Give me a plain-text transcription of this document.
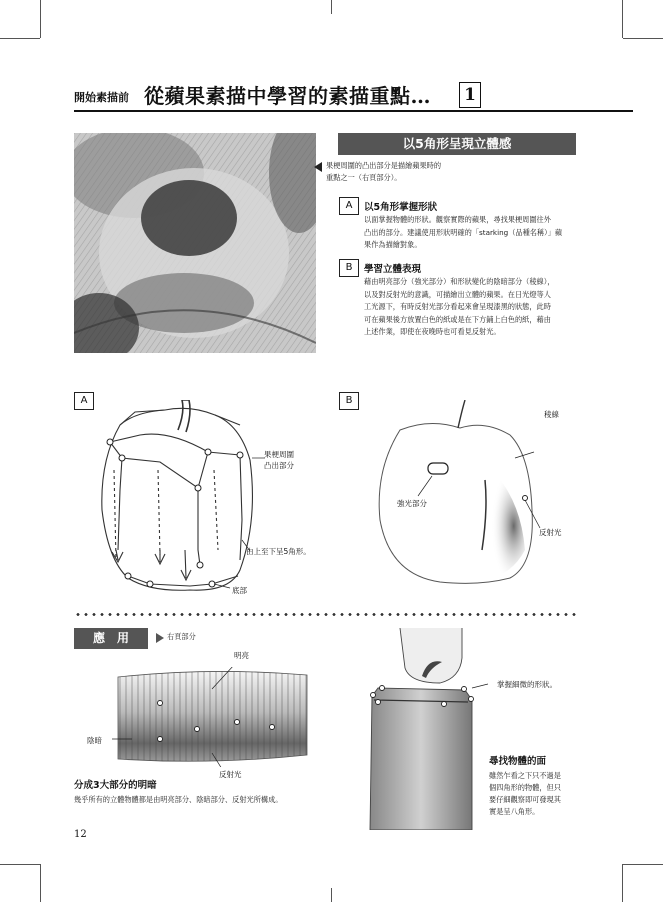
開始素描前 從蘋果素描中學習的素描重點… 1
以5角形呈現立體感
果梗周圍的凸出部分是描繪蘋果時的
重點之一（右頁部分）。
A	以5角形掌握形狀
以面掌握物體的形狀。觀察實際的蘋果，尋找果梗周圍往外
凸出的部分。建議使用形狀明確的「starking（品種名稱）」蘋
果作為描繪對象。
B	學習立體表現
藉由明亮部分（強光部分）和形狀變化的陰暗部分（稜線），
以及對反射光的意識，可描繪出立體的蘋果。在日光燈等人
工光源下，有時反射光部分看起來會呈現漆黑的狀態，此時
可在蘋果後方放置白色的紙或是在下方鋪上白色的紙，藉由
上述作業，即使在夜晚時也可看見反射光。
A
果梗周圍
凸出部分
由上至下呈5角形。
底部
B
稜線
強光部分
反射光
應　用	右頁部分
明亮
陰暗
反射光
分成3大部分的明暗
幾乎所有的立體物體都是由明亮部分、陰暗部分、反射光所構成。
掌握細微的形狀。
尋找物體的面
雖然乍看之下只不過是
個四角形的物體，但只
要仔細觀察即可發現其
實是呈八角形。
12
